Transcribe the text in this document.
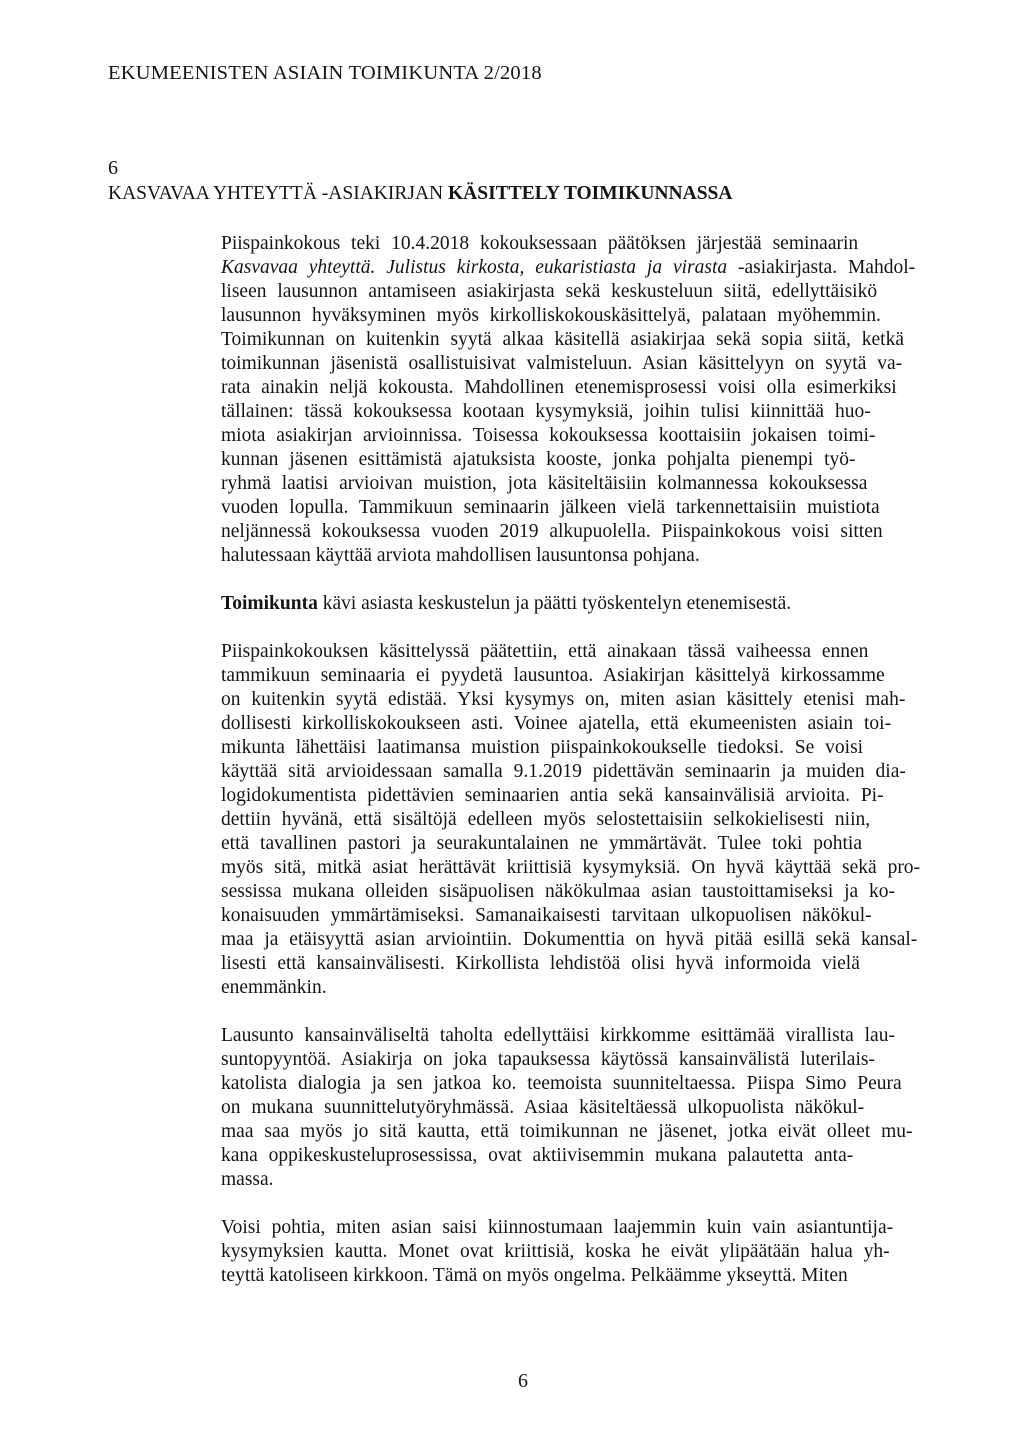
EKUMEENISTEN ASIAIN TOIMIKUNTA 2/2018
6
KASVAVAA YHTEYTTÄ -ASIAKIRJAN KÄSITTELY TOIMIKUNNASSA
Piispainkokous teki 10.4.2018 kokouksessaan päätöksen järjestää seminaarin
Kasvavaa yhteyttä. Julistus kirkosta, eukaristiasta ja virasta -asiakirjasta. Mahdol-
liseen lausunnon antamiseen asiakirjasta sekä keskusteluun siitä, edellyttäisikö
lausunnon hyväksyminen myös kirkolliskokouskäsittelyä, palataan myöhemmin.
Toimikunnan on kuitenkin syytä alkaa käsitellä asiakirjaa sekä sopia siitä, ketkä
toimikunnan jäsenistä osallistuisivat valmisteluun. Asian käsittelyyn on syytä va-
rata ainakin neljä kokousta. Mahdollinen etenemisprosessi voisi olla esimerkiksi
tällainen: tässä kokouksessa kootaan kysymyksiä, joihin tulisi kiinnittää huo-
miota asiakirjan arvioinnissa. Toisessa kokouksessa koottaisiin jokaisen toimi-
kunnan jäsenen esittämistä ajatuksista kooste, jonka pohjalta pienempi työ-
ryhmä laatisi arvioivan muistion, jota käsiteltäisiin kolmannessa kokouksessa
vuoden lopulla. Tammikuun seminaarin jälkeen vielä tarkennettaisiin muistiota
neljännessä kokouksessa vuoden 2019 alkupuolella. Piispainkokous voisi sitten
halutessaan käyttää arviota mahdollisen lausuntonsa pohjana.
Toimikunta kävi asiasta keskustelun ja päätti työskentelyn etenemisestä.
Piispainkokouksen käsittelyssä päätettiin, että ainakaan tässä vaiheessa ennen
tammikuun seminaaria ei pyydetä lausuntoa. Asiakirjan käsittelyä kirkossamme
on kuitenkin syytä edistää. Yksi kysymys on, miten asian käsittely etenisi mah-
dollisesti kirkolliskokoukseen asti. Voinee ajatella, että ekumeenisten asiain toi-
mikunta lähettäisi laatimansa muistion piispainkokoukselle tiedoksi. Se voisi
käyttää sitä arvioidessaan samalla 9.1.2019 pidettävän seminaarin ja muiden dia-
logidokumentista pidettävien seminaarien antia sekä kansainvälisiä arvioita. Pi-
dettiin hyvänä, että sisältöjä edelleen myös selostettaisiin selkokielisesti niin,
että tavallinen pastori ja seurakuntalainen ne ymmärtävät. Tulee toki pohtia
myös sitä, mitkä asiat herättävät kriittisiä kysymyksiä. On hyvä käyttää sekä pro-
sessissa mukana olleiden sisäpuolisen näkökulmaa asian taustoittamiseksi ja ko-
konaisuuden ymmärtämiseksi. Samanaikaisesti tarvitaan ulkopuolisen näkökul-
maa ja etäisyyttä asian arviointiin. Dokumenttia on hyvä pitää esillä sekä kansal-
lisesti että kansainvälisesti. Kirkollista lehdistöä olisi hyvä informoida vielä
enemmänkin.
Lausunto kansainväliseltä taholta edellyttäisi kirkkomme esittämää virallista lau-
suntopyyntöä. Asiakirja on joka tapauksessa käytössä kansainvälistä luterilais-
katolista dialogia ja sen jatkoa ko. teemoista suunniteltaessa. Piispa Simo Peura
on mukana suunnittelutyöryhmässä. Asiaa käsiteltäessä ulkopuolista näkökul-
maa saa myös jo sitä kautta, että toimikunnan ne jäsenet, jotka eivät olleet mu-
kana oppikeskusteluprosessissa, ovat aktiivisemmin mukana palautetta anta-
massa.
Voisi pohtia, miten asian saisi kiinnostumaan laajemmin kuin vain asiantuntija-
kysymyksien kautta. Monet ovat kriittisiä, koska he eivät ylipäätään halua yh-
teyttä katoliseen kirkkoon. Tämä on myös ongelma. Pelkäämme ykseyttä. Miten
6
